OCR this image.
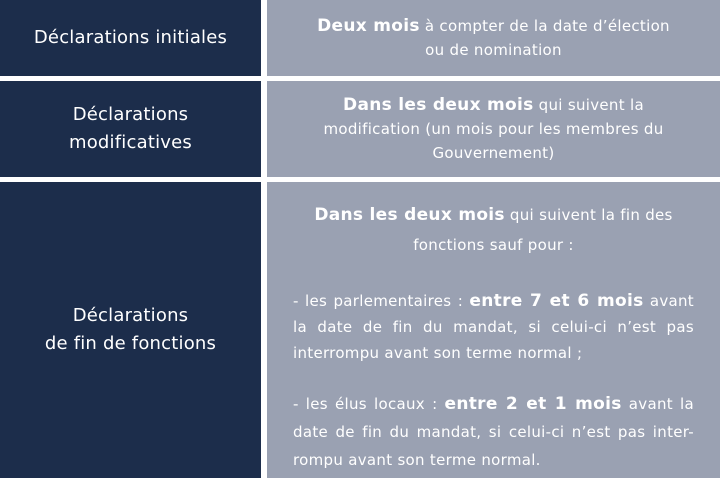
Déclarations initiales
Deux mois à compter de la date d’élection ou de nomination
Déclarations
modificatives
Dans les deux mois qui suivent la modification (un mois pour les membres du Gouvernement)
Déclarations
de fin de fonctions
Dans les deux mois qui suivent la fin des fonctions sauf pour :
- les parlementaires : entre 7 et 6 mois avant la date de fin du mandat, si celui-ci n’est pas interrompu avant son terme normal ;
- les élus locaux : entre 2 et 1 mois avant la date de fin du mandat, si celui-ci n’est pas inter- rompu avant son terme normal.
